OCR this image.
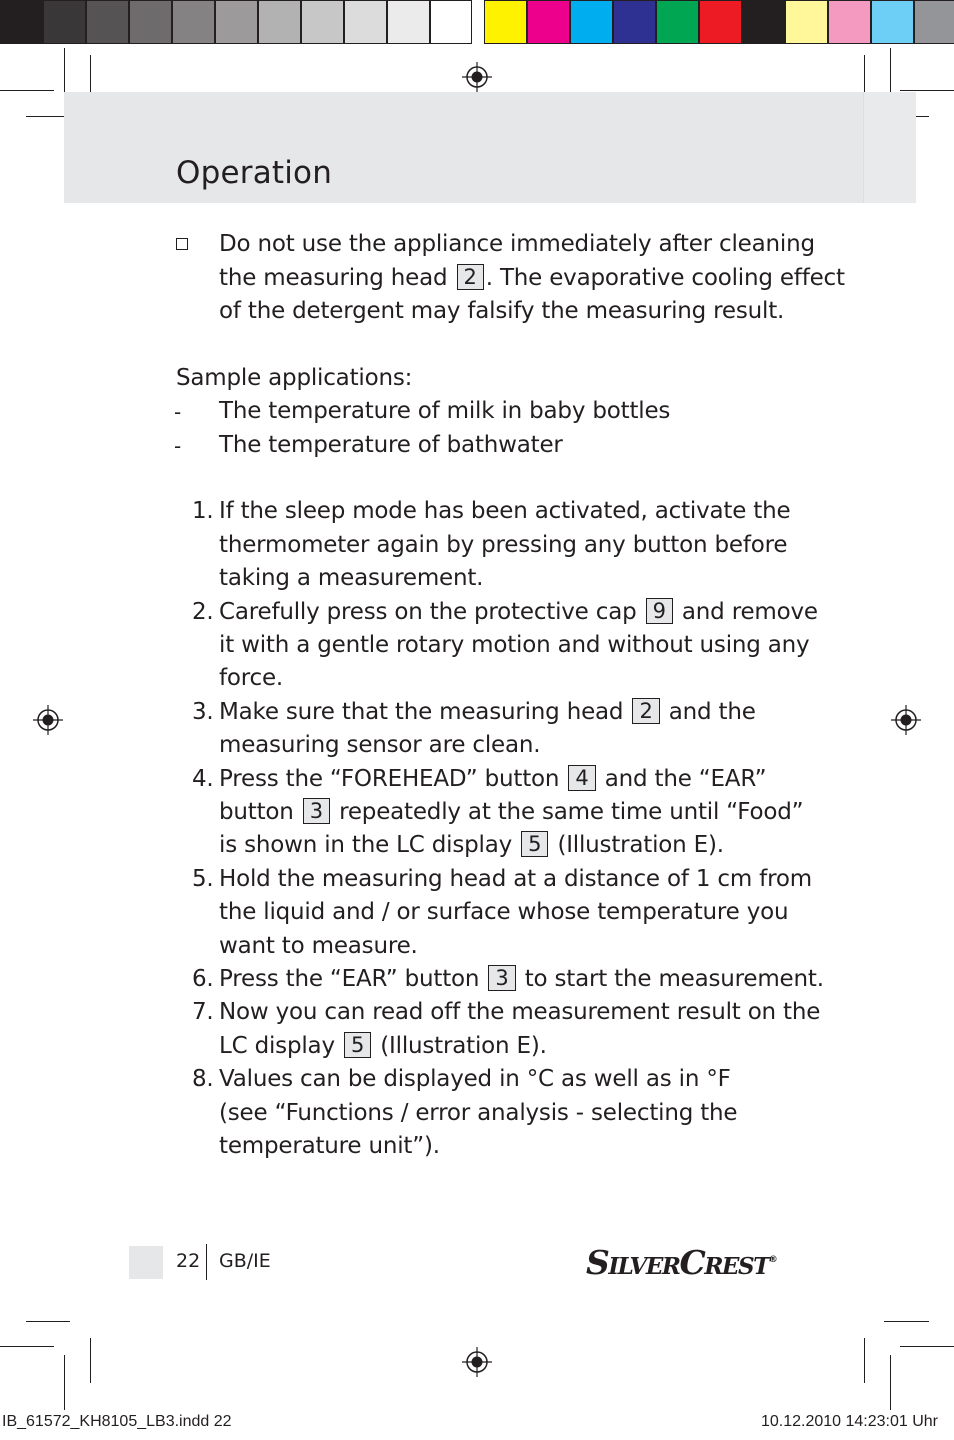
Operation
Do not use the appliance immediately after cleaning
the measuring head 2 . The evaporative cooling effect
of the detergent may falsify the measuring result.
Sample applications:
- The temperature of milk in baby bottles
- The temperature of bathwater
1. If the sleep mode has been activated, activate the
thermometer again by pressing any button before
taking a measurement.
2. Carefully press on the protective cap 9 and remove
it with a gentle rotary motion and without using any
force.
3. Make sure that the measuring head 2 and the
measuring sensor are clean.
4. Press the “FOREHEAD” button 4 and the “EAR”
button 3 repeatedly at the same time until “Food”
is shown in the LC display 5 (Illustration E).
5. Hold the measuring head at a distance of 1 cm from
the liquid and / or surface whose temperature you
want to measure.
6. Press the “EAR” button 3 to start the measurement.
7. Now you can read off the measurement result on the
LC display 5 (Illustration E).
8. Values can be displayed in °C as well as in °F
(see “Functions / error analysis - selecting the
temperature unit”).
22 GB/IE	SILVERCREST®
IB_61572_KH8105_LB3.indd 22	10.12.2010 14:23:01 Uhr
